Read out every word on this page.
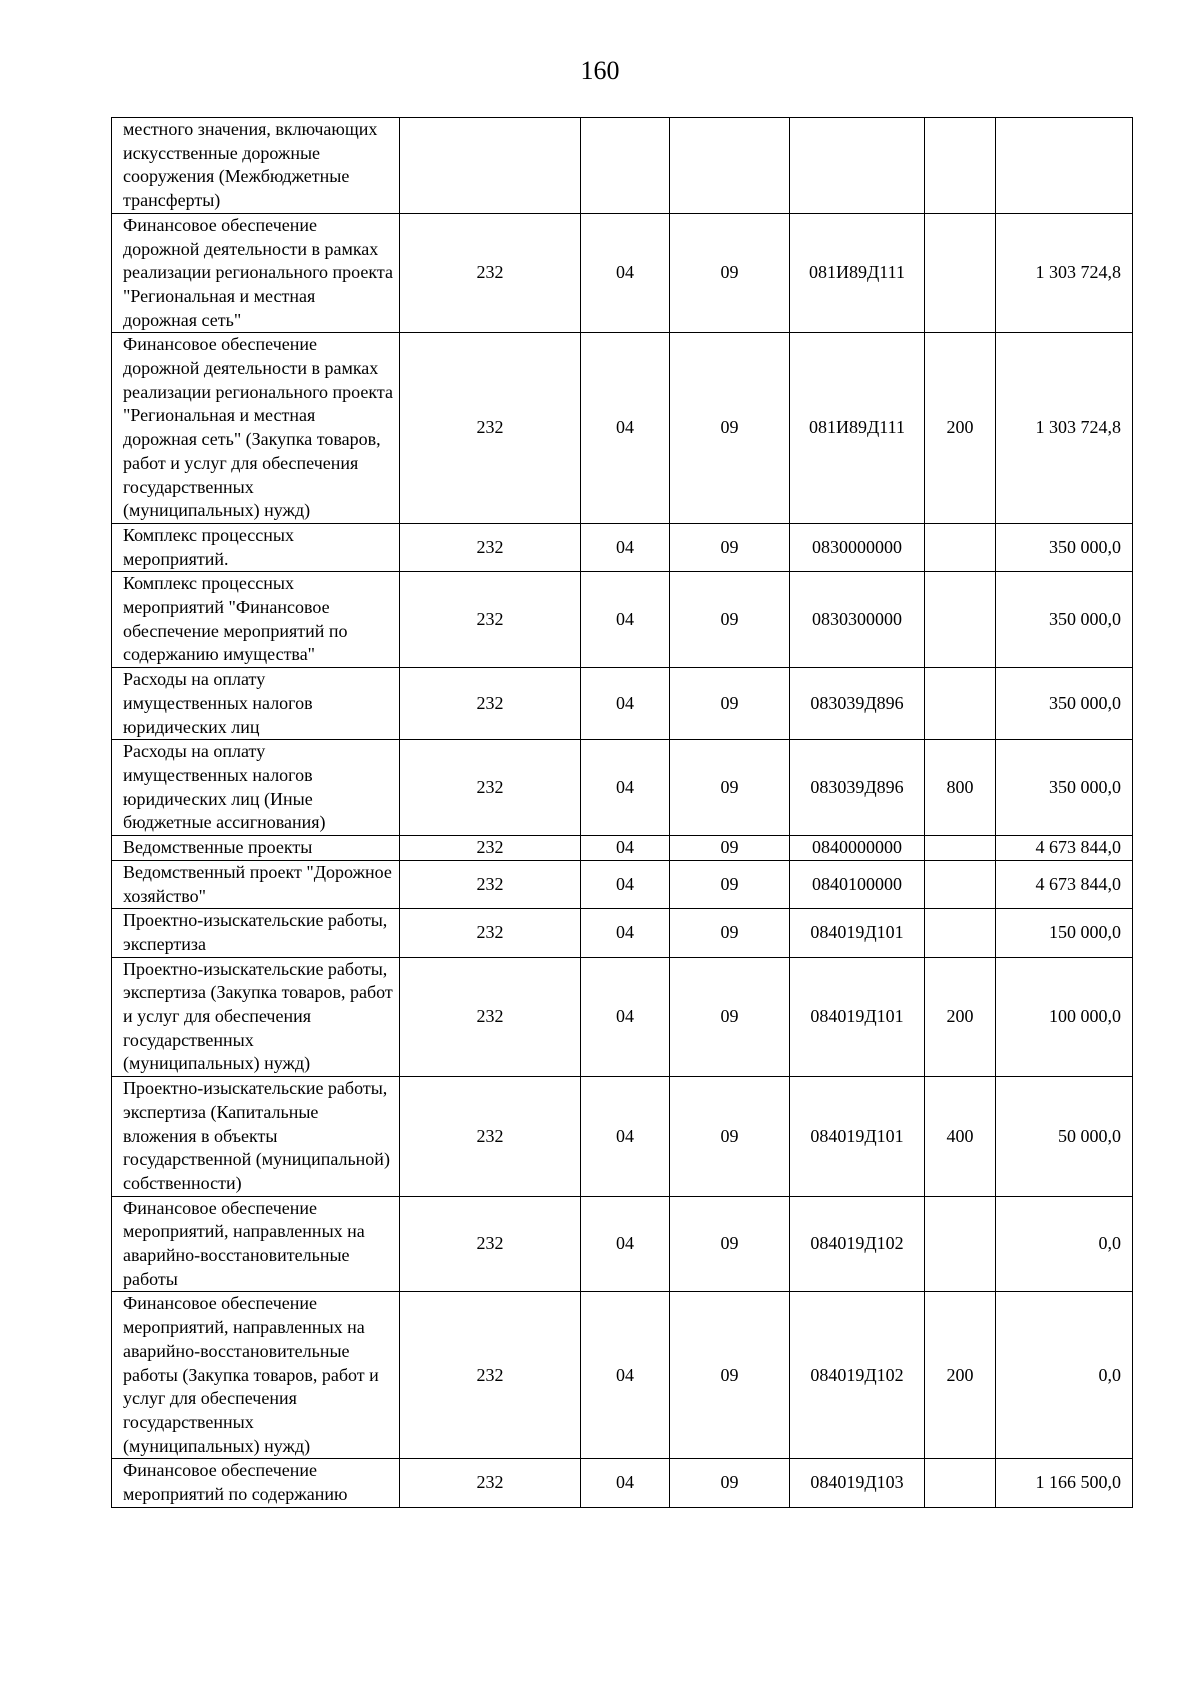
160
местного значения, включающих искусственные дорожные сооружения (Межбюджетные трансферты)						
Финансовое обеспечение дорожной деятельности в рамках реализации регионального проекта "Региональная и местная дорожная сеть"	232	04	09	081И89Д111		1 303 724,8
Финансовое обеспечение дорожной деятельности в рамках реализации регионального проекта "Региональная и местная дорожная сеть" (Закупка товаров, работ и услуг для обеспечения государственных (муниципальных) нужд)	232	04	09	081И89Д111	200	1 303 724,8
Комплекс процессных мероприятий.	232	04	09	0830000000		350 000,0
Комплекс процессных мероприятий "Финансовое обеспечение мероприятий по содержанию имущества"	232	04	09	0830300000		350 000,0
Расходы на оплату имущественных налогов юридических лиц	232	04	09	083039Д896		350 000,0
Расходы на оплату имущественных налогов юридических лиц (Иные бюджетные ассигнования)	232	04	09	083039Д896	800	350 000,0
Ведомственные проекты	232	04	09	0840000000		4 673 844,0
Ведомственный проект "Дорожное хозяйство"	232	04	09	0840100000		4 673 844,0
Проектно-изыскательские работы, экспертиза	232	04	09	084019Д101		150 000,0
Проектно-изыскательские работы, экспертиза (Закупка товаров, работ и услуг для обеспечения государственных (муниципальных) нужд)	232	04	09	084019Д101	200	100 000,0
Проектно-изыскательские работы, экспертиза (Капитальные вложения в объекты государственной (муниципальной) собственности)	232	04	09	084019Д101	400	50 000,0
Финансовое обеспечение мероприятий, направленных на аварийно-восстановительные работы	232	04	09	084019Д102		0,0
Финансовое обеспечение мероприятий, направленных на аварийно-восстановительные работы (Закупка товаров, работ и услуг для обеспечения государственных (муниципальных) нужд)	232	04	09	084019Д102	200	0,0
Финансовое обеспечение мероприятий по содержанию	232	04	09	084019Д103		1 166 500,0
